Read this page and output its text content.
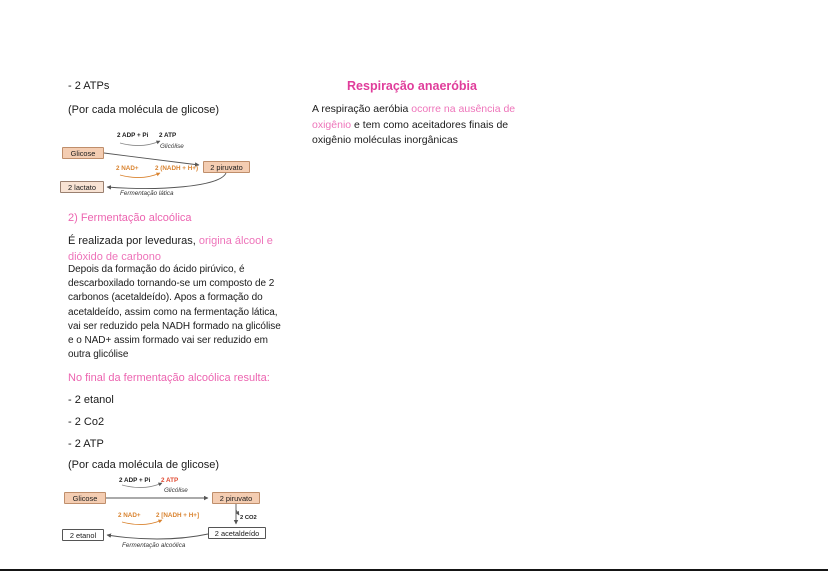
- 2 ATPs
(Por cada molécula de glicose)
2 ADP + Pi 2 ATP
Glicólise
Glicose
2 piruvato
2 NAD+	2 (NADH + H+)
2 lactato
Fermentação lática
2) Fermentação alcoólica
É realizada por leveduras, origina álcool e
dióxido de carbono
Depois da formação do ácido pirúvico, é descarboxilado tornando-se um composto de 2 carbonos (acetaldeído). Apos a formação do acetaldeído, assim como na fermentação lática, vai ser reduzido pela NADH formado na glicólise e o NAD+ assim formado vai ser reduzido em outra glicólise
No final da fermentação alcoólica resulta:
- 2 etanol
- 2 Co2
- 2 ATP
(Por cada molécula de glicose)
2 ADP + Pi 2 ATP
Glicólise
Glicose	2 piruvato
2 NAD+ 2 [NADH + H+]	2 CO2
2 acetaldeído
2 etanol
Fermentação alcoólica
Respiração anaeróbia
A respiração aeróbia ocorre na ausência de
oxigênio e tem como aceitadores finais de
oxigênio moléculas inorgânicas
